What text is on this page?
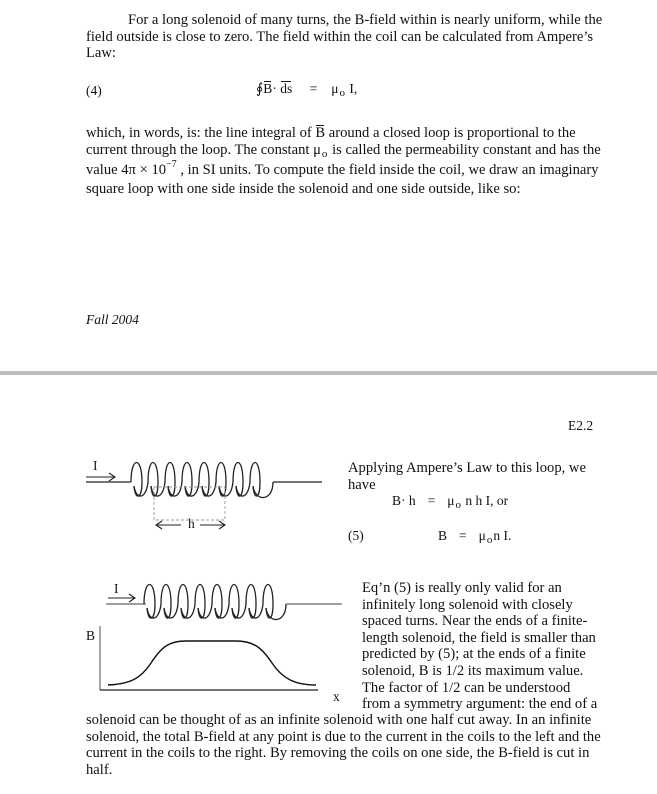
For a long solenoid of many turns, the B-field within is nearly uniform, while the
field outside is close to zero. The field within the coil can be calculated from Ampere’s
Law:
(4)	∮B· ds = $\mu_o$ I,
which, in words, is: the line integral of B around a closed loop is proportional to the
current through the loop. The constant $\mu_o$ is called the permeability constant and has the
value $4\pi \times 10^{-7}$ , in SI units. To compute the field inside the coil, we draw an imaginary
square loop with one side inside the solenoid and one side outside, like so:
Fall 2004
E2.2
I
h
Applying Ampere’s Law to this loop, we
have
$B\cdot h = \mu_o$ n h I, or
(5)	$B = \mu_on$ I.
I
B
x
Eq’n (5) is really only valid for an
infinitely long solenoid with closely
spaced turns. Near the ends of a finite-
length solenoid, the field is smaller than
predicted by (5); at the ends of a finite
solenoid, B is 1/2 its maximum value.
The factor of 1/2 can be understood
from a symmetry argument: the end of a
solenoid can be thought of as an infinite solenoid with one half cut away. In an infinite
solenoid, the total B-field at any point is due to the current in the coils to the left and the
current in the coils to the right. By removing the coils on one side, the B-field is cut in
half.
